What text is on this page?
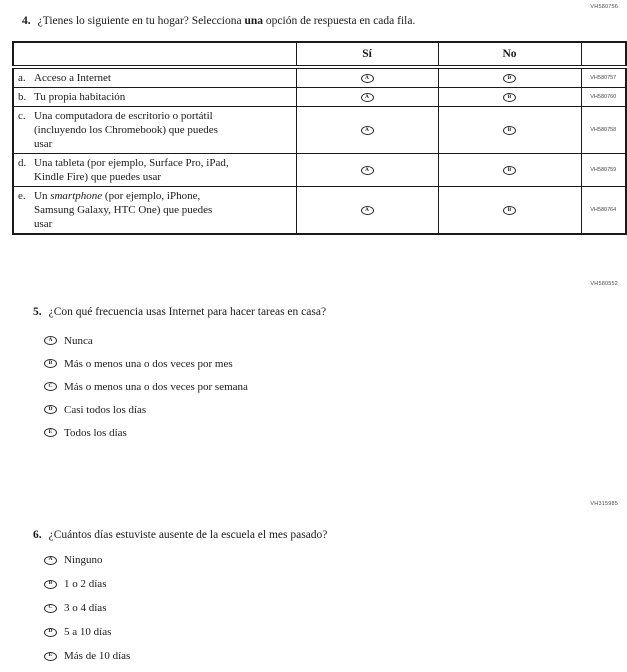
VH580756
4. ¿Tienes lo siguiente en tu hogar? Selecciona una opción de respuesta en cada fila.
	Sí	No	

a. Acceso a Internet	A	B	VH580757

b. Tu propia habitación	A	B	VH580760

c. Una computadora de escritorio o portátil
(incluyendo los Chromebook) que puedes
usar	A	B	VH580758

d. Una tableta (por ejemplo, Surface Pro, iPad,
Kindle Fire) que puedes usar	A	B	VH580759

e. Un smartphone (por ejemplo, iPhone,
Samsung Galaxy, HTC One) que puedes
usar	A	B	VH580764
VH580552
5. ¿Con qué frecuencia usas Internet para hacer tareas en casa?
A	Nunca
B	Más o menos una o dos veces por mes
C	Más o menos una o dos veces por semana
D	Casi todos los días
E	Todos los días
VH315985
6. ¿Cuántos días estuviste ausente de la escuela el mes pasado?
A	Ninguno
B	1 o 2 días
C	3 o 4 días
D	5 a 10 días
E	Más de 10 días
